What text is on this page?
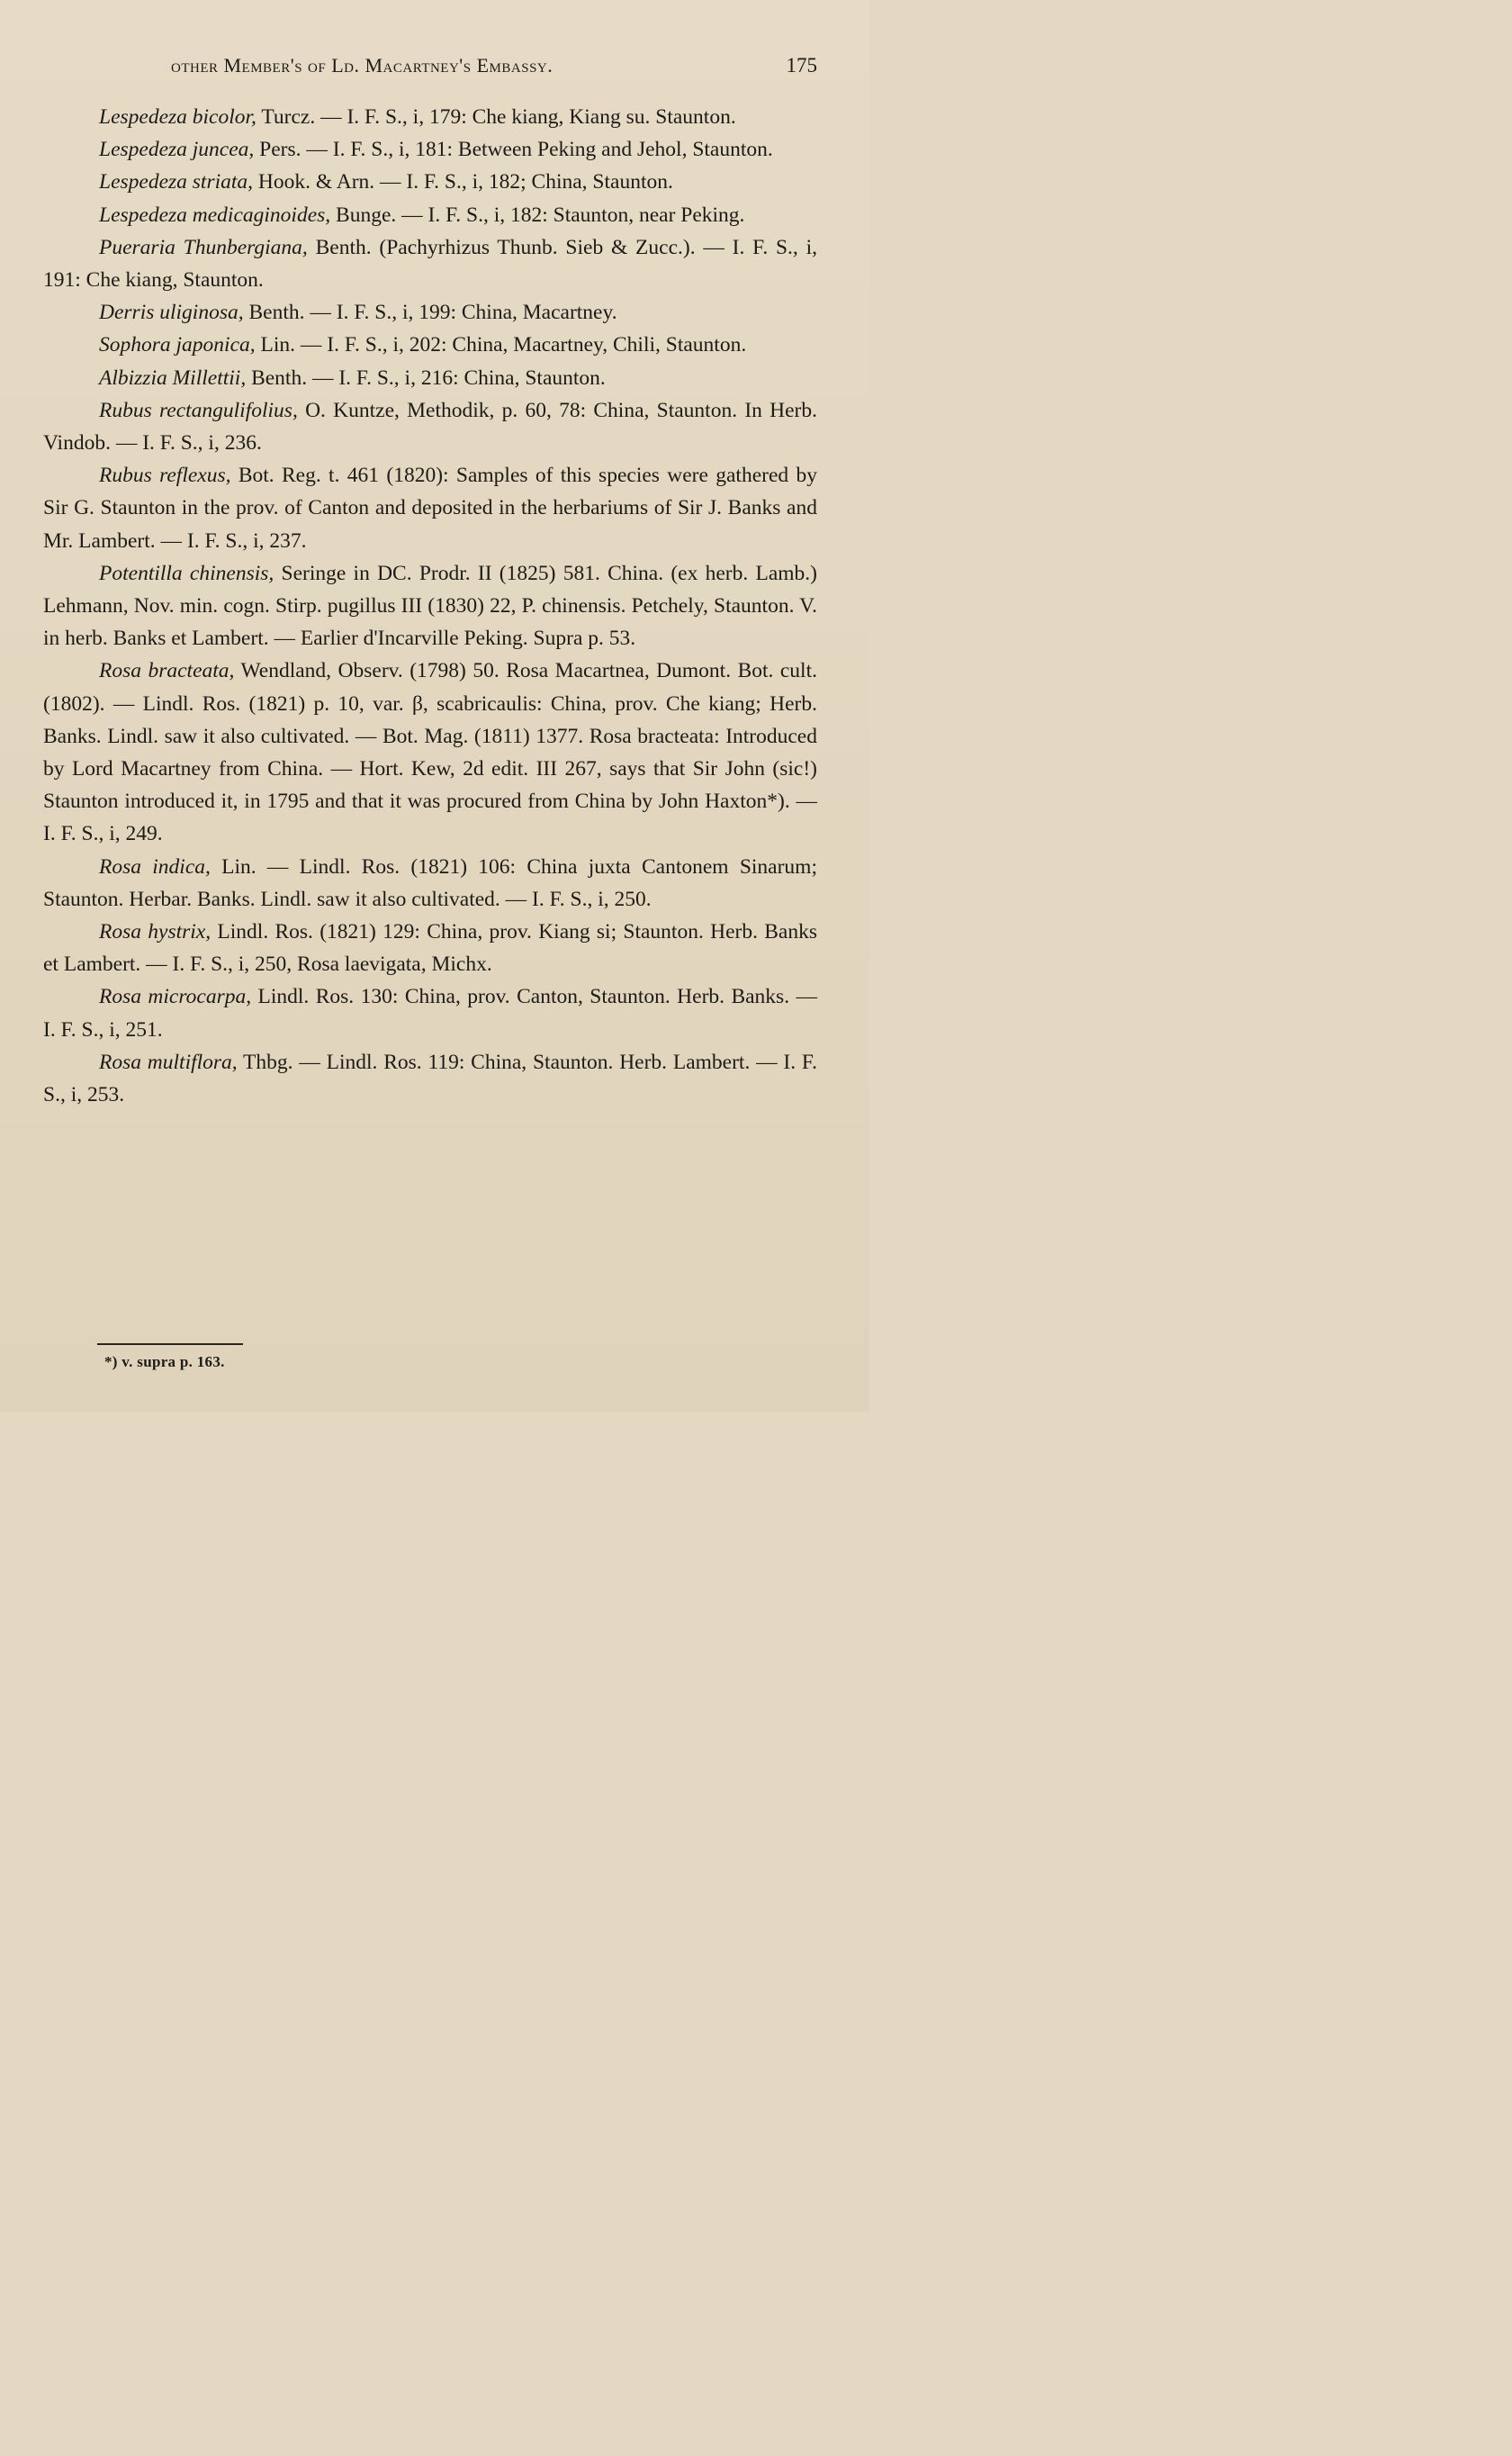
other Member's of Ld. Macartney's Embassy.	175

Lespedeza bicolor, Turcz. — I. F. S., i, 179: Che kiang, Kiang su. Staunton.

Lespedeza juncea, Pers. — I. F. S., i, 181: Between Peking and Jehol, Staunton.

Lespedeza striata, Hook. & Arn. — I. F. S., i, 182; China, Staunton.

Lespedeza medicaginoides, Bunge. — I. F. S., i, 182: Staunton, near Peking.

Pueraria Thunbergiana, Benth. (Pachyrhizus Thunb. Sieb & Zucc.). — I. F. S., i, 191: Che kiang, Staunton.

Derris uliginosa, Benth. — I. F. S., i, 199: China, Macartney.

Sophora japonica, Lin. — I. F. S., i, 202: China, Macartney, Chili, Staunton.

Albizzia Millettii, Benth. — I. F. S., i, 216: China, Staunton.

Rubus rectangulifolius, O. Kuntze, Methodik, p. 60, 78: China, Staunton. In Herb. Vindob. — I. F. S., i, 236.

Rubus reflexus, Bot. Reg. t. 461 (1820): Samples of this species were gathered by Sir G. Staunton in the prov. of Canton and deposited in the herbariums of Sir J. Banks and Mr. Lambert. — I. F. S., i, 237.

Potentilla chinensis, Seringe in DC. Prodr. II (1825) 581. China. (ex herb. Lamb.) Lehmann, Nov. min. cogn. Stirp. pugillus III (1830) 22, P. chinensis. Petchely, Staunton. V. in herb. Banks et Lambert. — Earlier d'Incarville Peking. Supra p. 53.

Rosa bracteata, Wendland, Observ. (1798) 50. Rosa Macartnea, Dumont. Bot. cult. (1802). — Lindl. Ros. (1821) p. 10, var. β, scabricaulis: China, prov. Che kiang; Herb. Banks. Lindl. saw it also cultivated. — Bot. Mag. (1811) 1377. Rosa bracteata: Introduced by Lord Macartney from China. — Hort. Kew, 2d edit. III 267, says that Sir John (sic!) Staunton introduced it, in 1795 and that it was procured from China by John Haxton*). — I. F. S., i, 249.

Rosa indica, Lin. — Lindl. Ros. (1821) 106: China juxta Cantonem Sinarum; Staunton. Herbar. Banks. Lindl. saw it also cultivated. — I. F. S., i, 250.

Rosa hystrix, Lindl. Ros. (1821) 129: China, prov. Kiang si; Staunton. Herb. Banks et Lambert. — I. F. S., i, 250, Rosa laevigata, Michx.

Rosa microcarpa, Lindl. Ros. 130: China, prov. Canton, Staunton. Herb. Banks. — I. F. S., i, 251.

Rosa multiflora, Thbg. — Lindl. Ros. 119: China, Staunton. Herb. Lambert. — I. F. S., i, 253.

*) v. supra p. 163.
